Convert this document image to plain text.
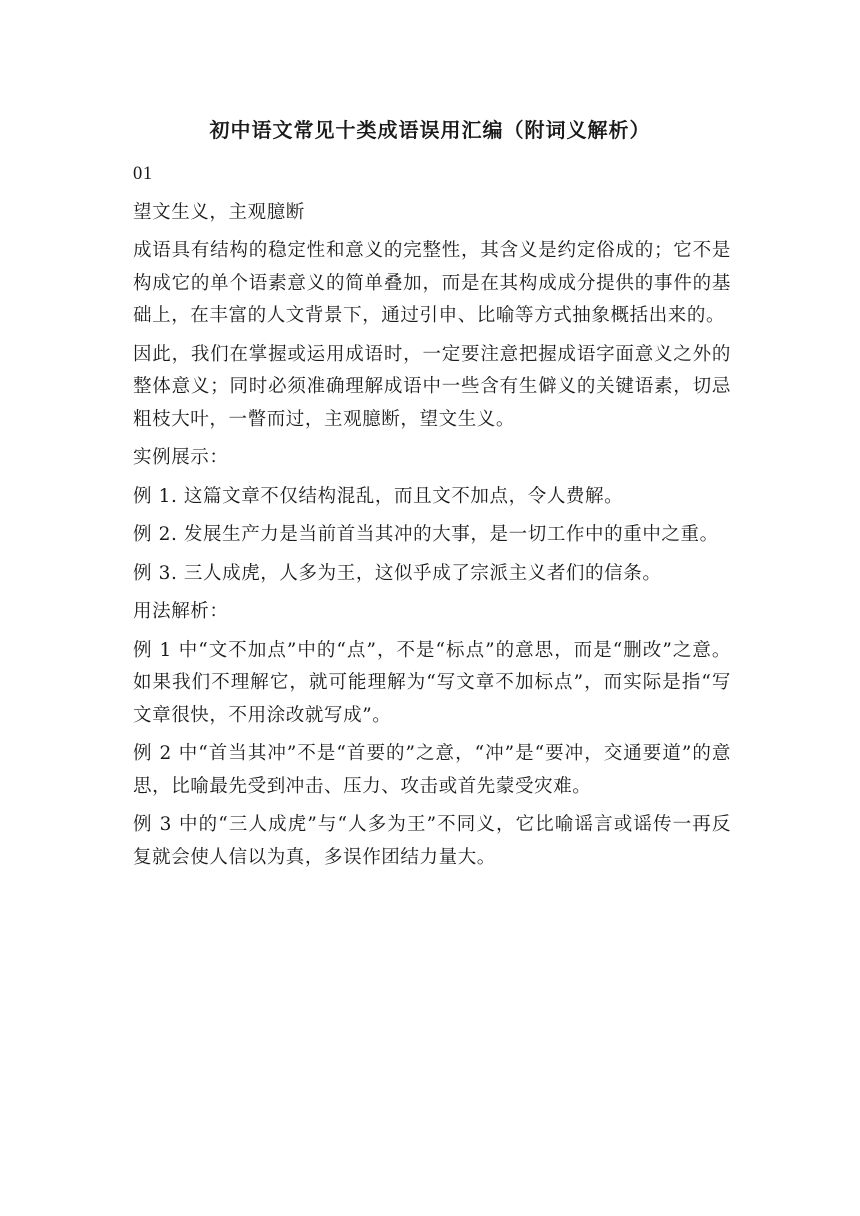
初中语文常见十类成语误用汇编（附词义解析）

01

望文生义，主观臆断

成语具有结构的稳定性和意义的完整性，其含义是约定俗成的；它不是构成它的单个语素意义的简单叠加，而是在其构成成分提供的事件的基础上，在丰富的人文背景下，通过引申、比喻等方式抽象概括出来的。

因此，我们在掌握或运用成语时，一定要注意把握成语字面意义之外的整体意义；同时必须准确理解成语中一些含有生僻义的关键语素，切忌粗枝大叶，一瞥而过，主观臆断，望文生义。

实例展示：

例 1. 这篇文章不仅结构混乱，而且文不加点，令人费解。

例 2. 发展生产力是当前首当其冲的大事，是一切工作中的重中之重。

例 3. 三人成虎，人多为王，这似乎成了宗派主义者们的信条。

用法解析：

例 1 中“文不加点”中的“点”，不是“标点”的意思，而是“删改”之意。如果我们不理解它，就可能理解为“写文章不加标点”，而实际是指“写文章很快，不用涂改就写成”。

例 2 中“首当其冲”不是“首要的”之意，“冲”是“要冲，交通要道”的意思，比喻最先受到冲击、压力、攻击或首先蒙受灾难。

例 3 中的“三人成虎”与“人多为王”不同义，它比喻谣言或谣传一再反复就会使人信以为真，多误作团结力量大。
